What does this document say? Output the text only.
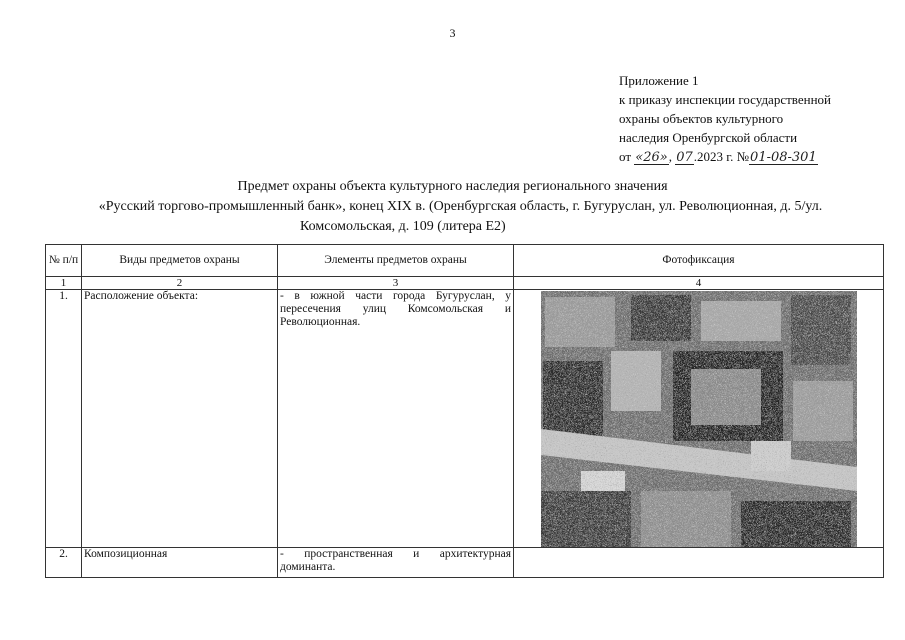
3
Приложение 1
к приказу инспекции государственной
охраны объектов культурного
наследия Оренбургской области
от «26», 07.2023 г. №01-08-301
Предмет охраны объекта культурного наследия регионального значения
«Русский торгово-промышленный банк», конец XIX в. (Оренбургская область, г. Бугуруслан, ул. Революционная, д. 5/ул.
Комсомольская, д. 109 (литера Е2)
№ п/п	Виды предметов охраны	Элементы предметов охраны	Фотофиксация
1	2	3	4
1.	Расположение объекта:	- в южной части города Бугуруслан, у пересечения улиц Комсомольская и Революционная.	

2.	Композиционная	- пространственная и архитектурная доминанта.	
